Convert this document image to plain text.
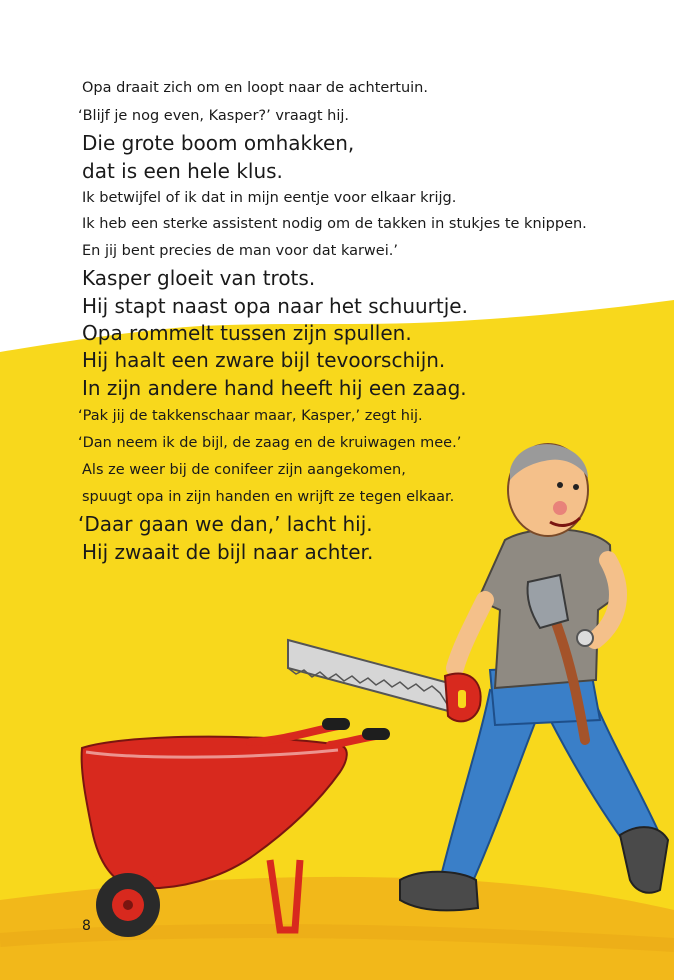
Opa draait zich om en loopt naar de achtertuin.
‘Blijf je nog even, Kasper?’ vraagt hij.
Die grote boom omhakken,
dat is een hele klus.
Ik betwijfel of ik dat in mijn eentje voor elkaar krijg.
Ik heb een sterke assistent nodig om de takken in stukjes te knippen.
En jij bent precies de man voor dat karwei.’
Kasper gloeit van trots.
Hij stapt naast opa naar het schuurtje.
Opa rommelt tussen zijn spullen.
Hij haalt een zware bijl tevoorschijn.
In zijn andere hand heeft hij een zaag.
‘Pak jij de takkenschaar maar, Kasper,’ zegt hij.
‘Dan neem ik de bijl, de zaag en de kruiwagen mee.’
Als ze weer bij de conifeer zijn aangekomen,
spuugt opa in zijn handen en wrijft ze tegen elkaar.
‘Daar gaan we dan,’ lacht hij.
Hij zwaait de bijl naar achter.
8
